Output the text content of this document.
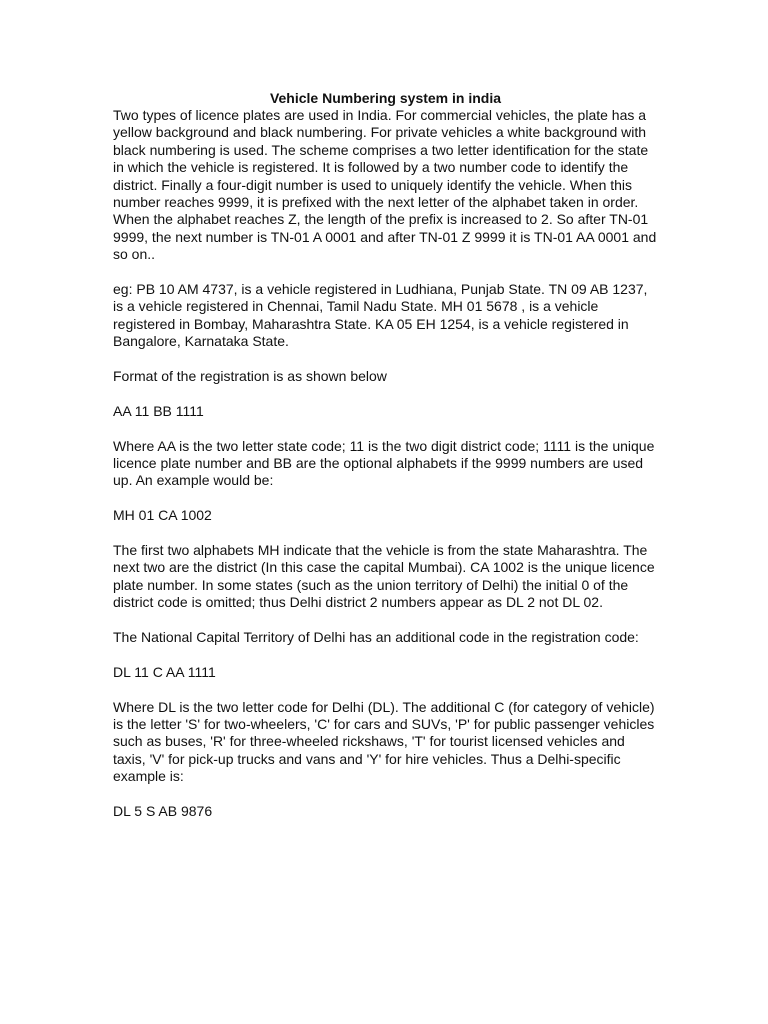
Vehicle Numbering system in india

Two types of licence plates are used in India. For commercial vehicles, the plate has a yellow background and black numbering. For private vehicles a white background with black numbering is used. The scheme comprises a two letter identification for the state in which the vehicle is registered. It is followed by a two number code to identify the district. Finally a four-digit number is used to uniquely identify the vehicle. When this number reaches 9999, it is prefixed with the next letter of the alphabet taken in order. When the alphabet reaches Z, the length of the prefix is increased to 2. So after TN-01 9999, the next number is TN-01 A 0001 and after TN-01 Z 9999 it is TN-01 AA 0001 and so on..

eg: PB 10 AM 4737, is a vehicle registered in Ludhiana, Punjab State. TN 09 AB 1237, is a vehicle registered in Chennai, Tamil Nadu State. MH 01 5678 , is a vehicle registered in Bombay, Maharashtra State. KA 05 EH 1254, is a vehicle registered in Bangalore, Karnataka State.

Format of the registration is as shown below

AA 11 BB 1111

Where AA is the two letter state code; 11 is the two digit district code; 1111 is the unique licence plate number and BB are the optional alphabets if the 9999 numbers are used up. An example would be:

MH 01 CA 1002

The first two alphabets MH indicate that the vehicle is from the state Maharashtra. The next two are the district (In this case the capital Mumbai). CA 1002 is the unique licence plate number. In some states (such as the union territory of Delhi) the initial 0 of the district code is omitted; thus Delhi district 2 numbers appear as DL 2 not DL 02.

The National Capital Territory of Delhi has an additional code in the registration code:

DL 11 C AA 1111

Where DL is the two letter code for Delhi (DL). The additional C (for category of vehicle) is the letter 'S' for two-wheelers, 'C' for cars and SUVs, 'P' for public passenger vehicles such as buses, 'R' for three-wheeled rickshaws, 'T' for tourist licensed vehicles and taxis, 'V' for pick-up trucks and vans and 'Y' for hire vehicles. Thus a Delhi-specific example is:

DL 5 S AB 9876
